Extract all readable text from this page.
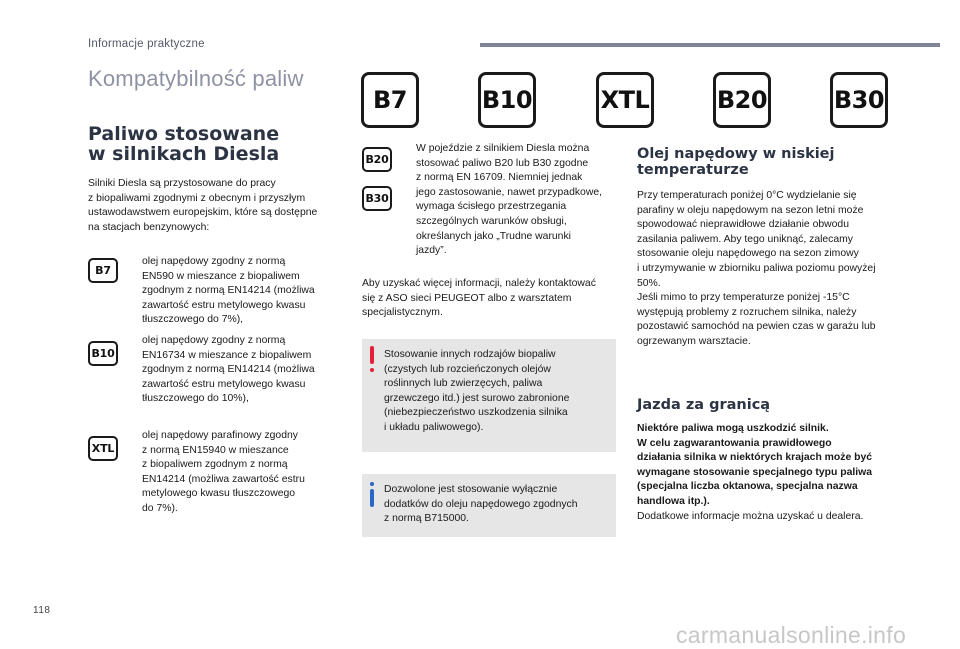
Informacje praktyczne
Kompatybilność paliw
B7	B10	XTL	B20	B30
Paliwo stosowane
w silnikach Diesla
Silniki Diesla są przystosowane do pracy
z biopaliwami zgodnymi z obecnym i przyszłym
ustawodawstwem europejskim, które są dostępne
na stacjach benzynowych:
B7
olej napędowy zgodny z normą
EN590 w mieszance z biopaliwem
zgodnym z normą EN14214 (możliwa
zawartość estru metylowego kwasu
tłuszczowego do 7%),
B10
olej napędowy zgodny z normą
EN16734 w mieszance z biopaliwem
zgodnym z normą EN14214 (możliwa
zawartość estru metylowego kwasu
tłuszczowego do 10%),
XTL
olej napędowy parafinowy zgodny
z normą EN15940 w mieszance
z biopaliwem zgodnym z normą
EN14214 (możliwa zawartość estru
metylowego kwasu tłuszczowego
do 7%).
B20
B30
W pojeździe z silnikiem Diesla można
stosować paliwo B20 lub B30 zgodne
z normą EN 16709. Niemniej jednak
jego zastosowanie, nawet przypadkowe,
wymaga ścisłego przestrzegania
szczególnych warunków obsługi,
określanych jako „Trudne warunki
jazdy”.
Aby uzyskać więcej informacji, należy kontaktować
się z ASO sieci PEUGEOT albo z warsztatem
specjalistycznym.
Stosowanie innych rodzajów biopaliw
(czystych lub rozcieńczonych olejów
roślinnych lub zwierzęcych, paliwa
grzewczego itd.) jest surowo zabronione
(niebezpieczeństwo uszkodzenia silnika
i układu paliwowego).
Dozwolone jest stosowanie wyłącznie
dodatków do oleju napędowego zgodnych
z normą B715000.
Olej napędowy w niskiej
temperaturze
Przy temperaturach poniżej 0°C wydzielanie się
parafiny w oleju napędowym na sezon letni może
spowodować nieprawidłowe działanie obwodu
zasilania paliwem. Aby tego uniknąć, zalecamy
stosowanie oleju napędowego na sezon zimowy
i utrzymywanie w zbiorniku paliwa poziomu powyżej
50%.
Jeśli mimo to przy temperaturze poniżej -15°C
występują problemy z rozruchem silnika, należy
pozostawić samochód na pewien czas w garażu lub
ogrzewanym warsztacie.
Jazda za granicą
Niektóre paliwa mogą uszkodzić silnik.
W celu zagwarantowania prawidłowego
działania silnika w niektórych krajach może być
wymagane stosowanie specjalnego typu paliwa
(specjalna liczba oktanowa, specjalna nazwa
handlowa itp.).
Dodatkowe informacje można uzyskać u dealera.
118
carmanualsonline.info
